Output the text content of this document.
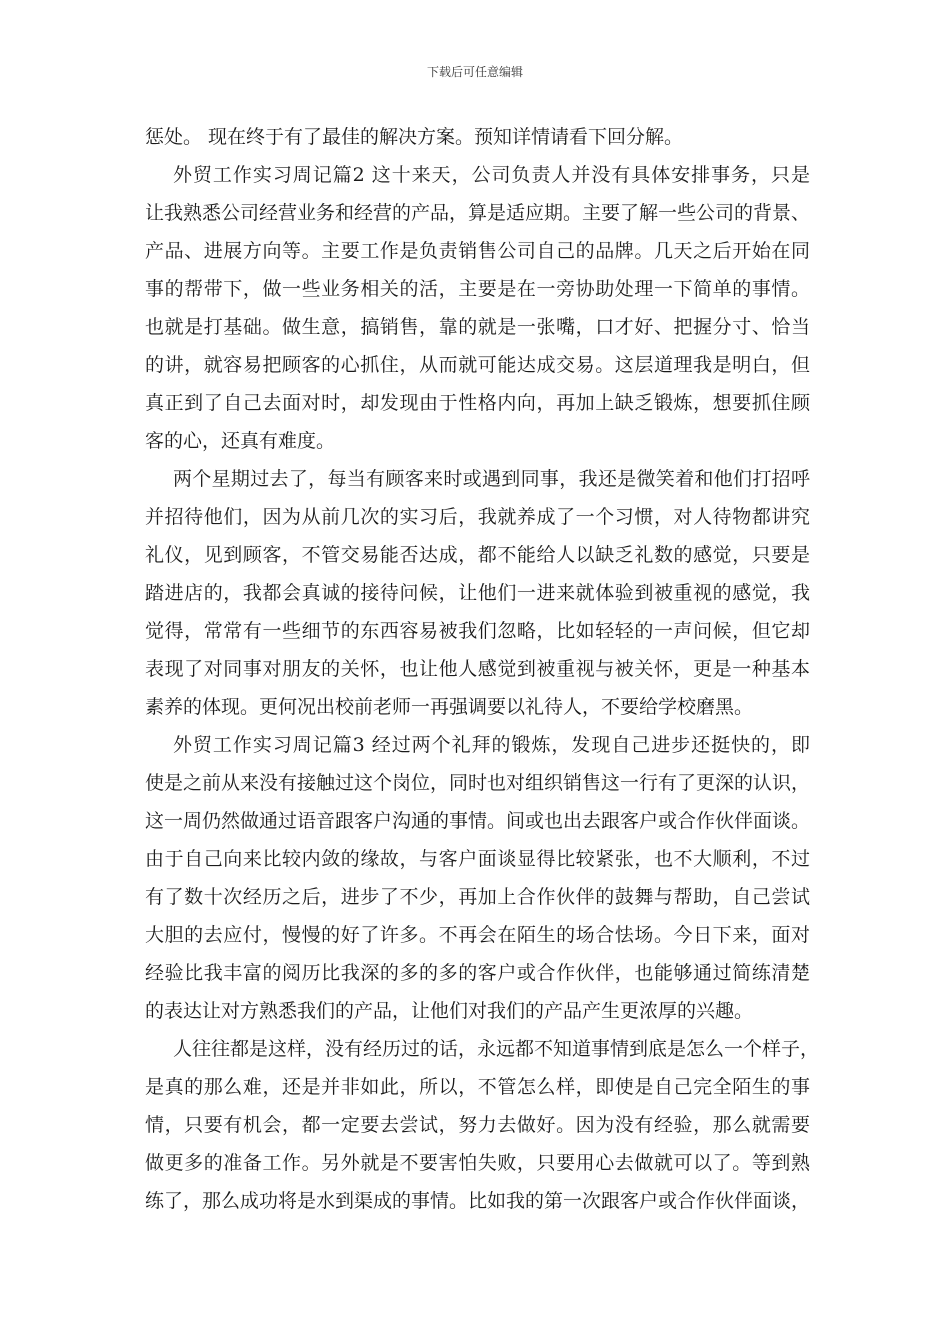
下载后可任意编辑
惩处。 现在终于有了最佳的解决方案。预知详情请看下回分解。
外贸工作实习周记篇2 这十来天，公司负责人并没有具体安排事务，只是
让我熟悉公司经营业务和经营的产品，算是适应期。主要了解一些公司的背景、
产品、进展方向等。主要工作是负责销售公司自己的品牌。几天之后开始在同
事的帮带下，做一些业务相关的活，主要是在一旁协助处理一下简单的事情。
也就是打基础。做生意，搞销售，靠的就是一张嘴，口才好、把握分寸、恰当
的讲，就容易把顾客的心抓住，从而就可能达成交易。这层道理我是明白，但
真正到了自己去面对时，却发现由于性格内向，再加上缺乏锻炼，想要抓住顾
客的心，还真有难度。
两个星期过去了，每当有顾客来时或遇到同事，我还是微笑着和他们打招呼
并招待他们，因为从前几次的实习后，我就养成了一个习惯，对人待物都讲究
礼仪，见到顾客，不管交易能否达成，都不能给人以缺乏礼数的感觉，只要是
踏进店的，我都会真诚的接待问候，让他们一进来就体验到被重视的感觉，我
觉得，常常有一些细节的东西容易被我们忽略，比如轻轻的一声问候，但它却
表现了对同事对朋友的关怀，也让他人感觉到被重视与被关怀，更是一种基本
素养的体现。更何况出校前老师一再强调要以礼待人，不要给学校磨黑。
外贸工作实习周记篇3 经过两个礼拜的锻炼，发现自己进步还挺快的，即
使是之前从来没有接触过这个岗位，同时也对组织销售这一行有了更深的认识，
这一周仍然做通过语音跟客户沟通的事情。间或也出去跟客户或合作伙伴面谈。
由于自己向来比较内敛的缘故，与客户面谈显得比较紧张，也不大顺利，不过
有了数十次经历之后，进步了不少，再加上合作伙伴的鼓舞与帮助，自己尝试
大胆的去应付，慢慢的好了许多。不再会在陌生的场合怯场。今日下来，面对
经验比我丰富的阅历比我深的多的多的客户或合作伙伴，也能够通过简练清楚
的表达让对方熟悉我们的产品，让他们对我们的产品产生更浓厚的兴趣。
人往往都是这样，没有经历过的话，永远都不知道事情到底是怎么一个样子，
是真的那么难，还是并非如此，所以，不管怎么样，即使是自己完全陌生的事
情，只要有机会，都一定要去尝试，努力去做好。因为没有经验，那么就需要
做更多的准备工作。另外就是不要害怕失败，只要用心去做就可以了。等到熟
练了，那么成功将是水到渠成的事情。比如我的第一次跟客户或合作伙伴面谈，
